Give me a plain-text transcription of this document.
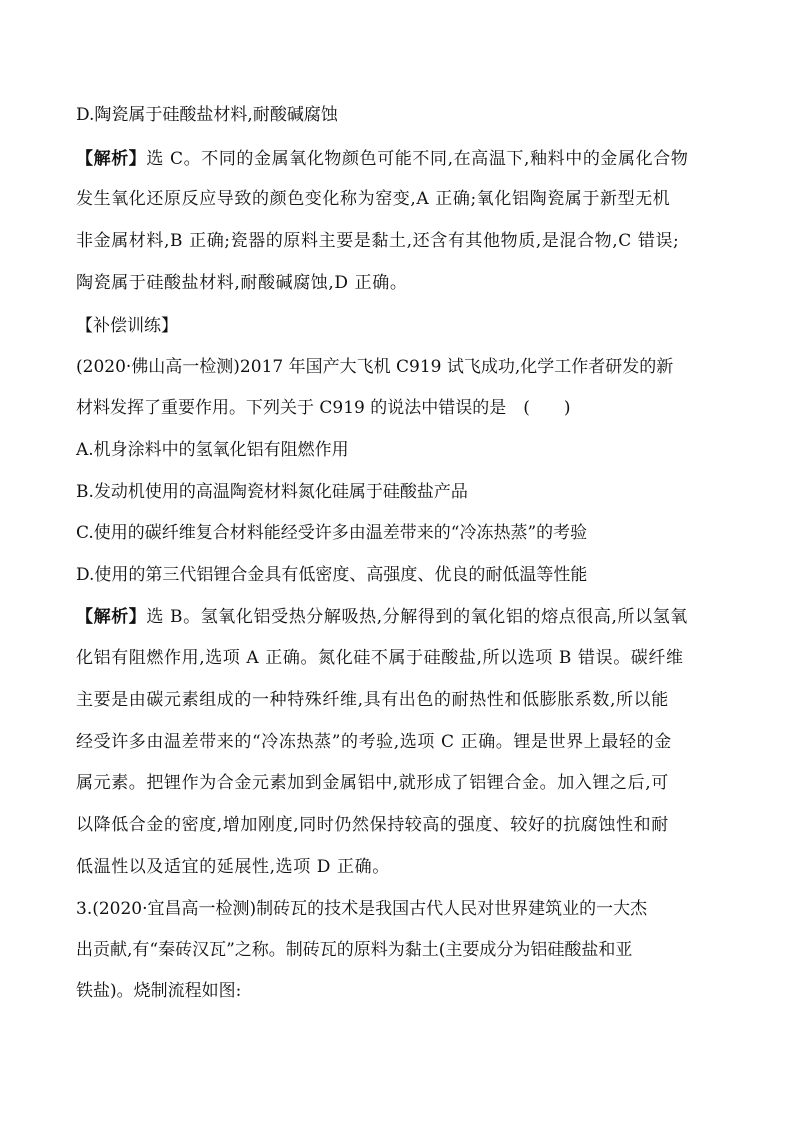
D.陶瓷属于硅酸盐材料,耐酸碱腐蚀
【解析】选 C。不同的金属氧化物颜色可能不同,在高温下,釉料中的金属化合物
发生氧化还原反应导致的颜色变化称为窑变,A 正确;氧化铝陶瓷属于新型无机
非金属材料,B 正确;瓷器的原料主要是黏土,还含有其他物质,是混合物,C 错误;
陶瓷属于硅酸盐材料,耐酸碱腐蚀,D 正确。
【补偿训练】
(2020·佛山高一检测)2017 年国产大飞机 C919 试飞成功,化学工作者研发的新
材料发挥了重要作用。下列关于 C919 的说法中错误的是　(　　)
A.机身涂料中的氢氧化铝有阻燃作用
B.发动机使用的高温陶瓷材料氮化硅属于硅酸盐产品
C.使用的碳纤维复合材料能经受许多由温差带来的“冷冻热蒸”的考验
D.使用的第三代铝锂合金具有低密度、高强度、优良的耐低温等性能
【解析】选 B。氢氧化铝受热分解吸热,分解得到的氧化铝的熔点很高,所以氢氧
化铝有阻燃作用,选项 A 正确。氮化硅不属于硅酸盐,所以选项 B 错误。碳纤维
主要是由碳元素组成的一种特殊纤维,具有出色的耐热性和低膨胀系数,所以能
经受许多由温差带来的“冷冻热蒸”的考验,选项 C 正确。锂是世界上最轻的金
属元素。把锂作为合金元素加到金属铝中,就形成了铝锂合金。加入锂之后,可
以降低合金的密度,增加刚度,同时仍然保持较高的强度、较好的抗腐蚀性和耐
低温性以及适宜的延展性,选项 D 正确。
3.(2020·宜昌高一检测)制砖瓦的技术是我国古代人民对世界建筑业的一大杰
出贡献,有“秦砖汉瓦”之称。制砖瓦的原料为黏土(主要成分为铝硅酸盐和亚
铁盐)。烧制流程如图:
